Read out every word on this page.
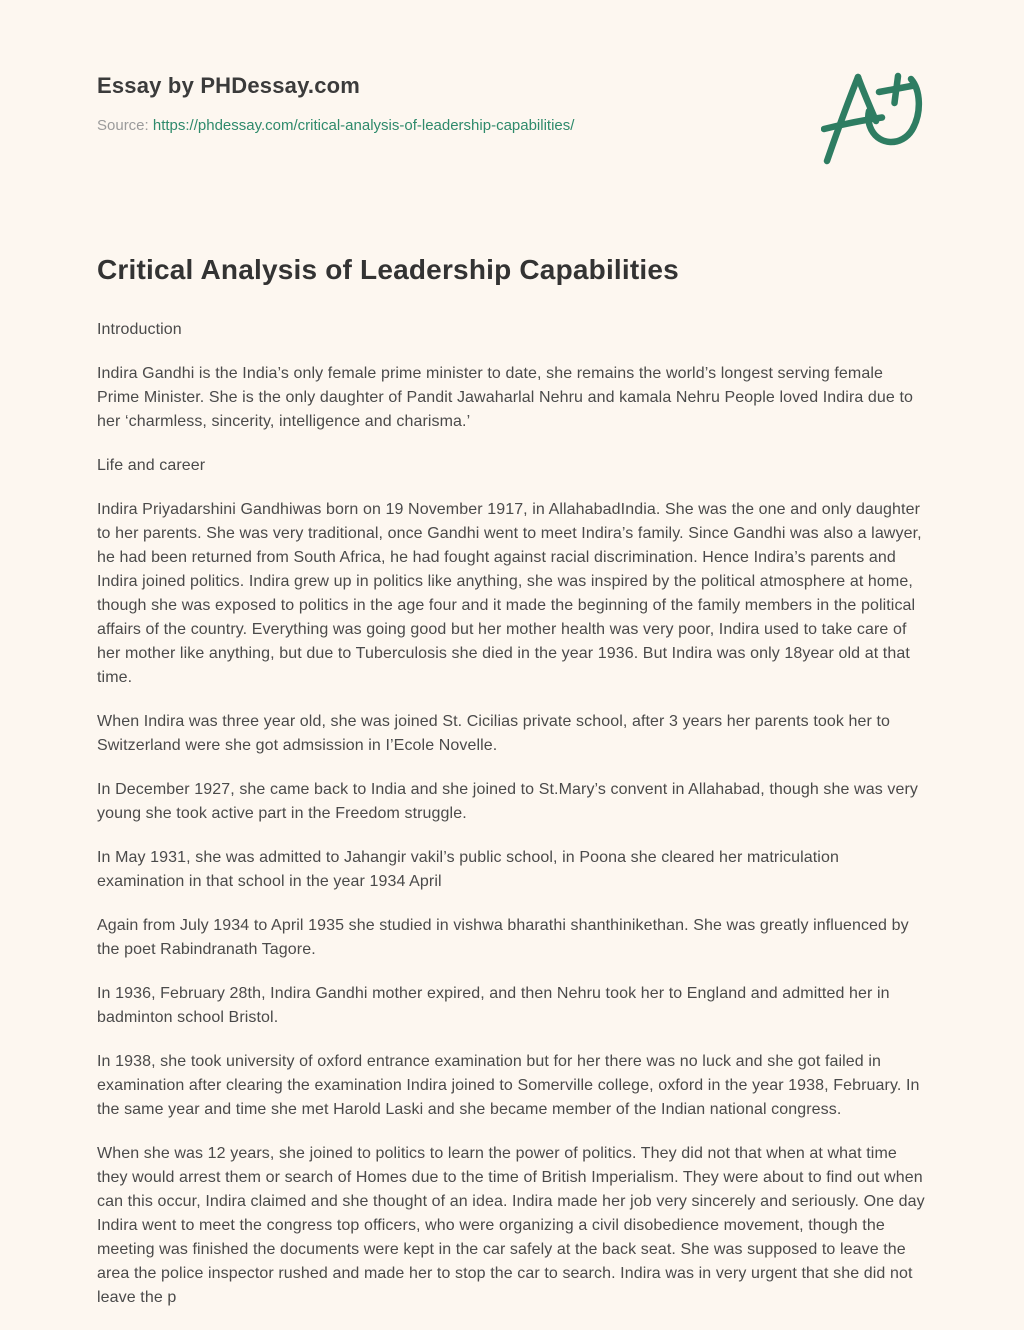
Essay by PHDessay.com

Source: https://phdessay.com/critical-analysis-of-leadership-capabilities/

Critical Analysis of Leadership Capabilities

Introduction

Indira Gandhi is the India’s only female prime minister to date, she remains the world’s longest serving female Prime Minister. She is the only daughter of Pandit Jawaharlal Nehru and kamala Nehru People loved Indira due to her ‘charmless, sincerity, intelligence and charisma.’

Life and career

Indira Priyadarshini Gandhiwas born on 19 November 1917, in AllahabadIndia. She was the one and only daughter to her parents. She was very traditional, once Gandhi went to meet Indira’s family. Since Gandhi was also a lawyer, he had been returned from South Africa, he had fought against racial discrimination. Hence Indira’s parents and Indira joined politics. Indira grew up in politics like anything, she was inspired by the political atmosphere at home, though she was exposed to politics in the age four and it made the beginning of the family members in the political affairs of the country. Everything was going good but her mother health was very poor, Indira used to take care of her mother like anything, but due to Tuberculosis she died in the year 1936. But Indira was only 18year old at that time.

When Indira was three year old, she was joined St. Cicilias private school, after 3 years her parents took her to Switzerland were she got admsission in I’Ecole Novelle.

In December 1927, she came back to India and she joined to St.Mary’s convent in Allahabad, though she was very young she took active part in the Freedom struggle.

In May 1931, she was admitted to Jahangir vakil’s public school, in Poona she cleared her matriculation examination in that school in the year 1934 April

Again from July 1934 to April 1935 she studied in vishwa bharathi shanthinikethan. She was greatly influenced by the poet Rabindranath Tagore.

In 1936, February 28th, Indira Gandhi mother expired, and then Nehru took her to England and admitted her in badminton school Bristol.

In 1938, she took university of oxford entrance examination but for her there was no luck and she got failed in examination after clearing the examination Indira joined to Somerville college, oxford in the year 1938, February. In the same year and time she met Harold Laski and she became member of the Indian national congress.

When she was 12 years, she joined to politics to learn the power of politics. They did not that when at what time they would arrest them or search of Homes due to the time of British Imperialism. They were about to find out when can this occur, Indira claimed and she thought of an idea. Indira made her job very sincerely and seriously. One day Indira went to meet the congress top officers, who were organizing a civil disobedience movement, though the meeting was finished the documents were kept in the car safely at the back seat. She was supposed to leave the area the police inspector rushed and made her to stop the car to search. Indira was in very urgent that she did not leave the p
